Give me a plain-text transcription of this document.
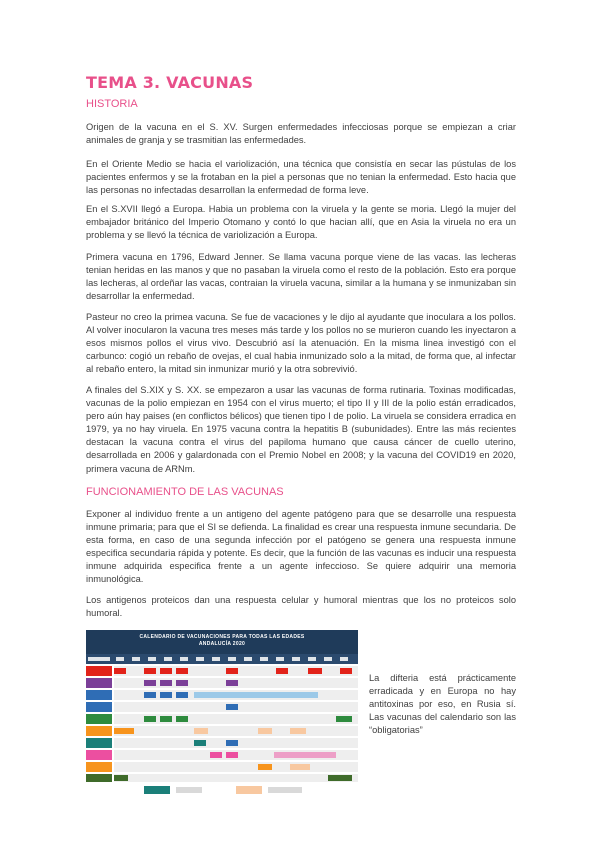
TEMA 3. VACUNAS
HISTORIA

Origen de la vacuna en el S. XV. Surgen enfermedades infecciosas porque se empiezan a criar animales de granja y se trasmitian las enfermedades.

En el Oriente Medio se hacia el variolización, una técnica que consistía en secar las pústulas de los pacientes enfermos y se la frotaban en la piel a personas que no tenian la enfermedad. Esto hacia que las personas no infectadas desarrollan la enfermedad de forma leve.

En el S.XVII llegó a Europa. Habia un problema con la viruela y la gente se moria. Llegó la mujer del embajador británico del Imperio Otomano y contó lo que hacian allí, que en Asia la viruela no era un problema y se llevó la técnica de variolización a Europa.

Primera vacuna en 1796, Edward Jenner. Se llama vacuna porque viene de las vacas. las lecheras tenian heridas en las manos y que no pasaban la viruela como el resto de la población. Esto era porque las lecheras, al ordeñar las vacas, contraian la viruela vacuna, similar a la humana y se inmunizaban sin desarrollar la enfermedad.

Pasteur no creo la primea vacuna. Se fue de vacaciones y le dijo al ayudante que inoculara a los pollos. Al volver inocularon la vacuna tres meses más tarde y los pollos no se murieron cuando les inyectaron a esos mismos pollos el virus vivo. Descubrió así la atenuación. En la misma linea investigó con el carbunco: cogió un rebaño de ovejas, el cual habia inmunizado solo a la mitad, de forma que, al infectar al rebaño entero, la mitad sin inmunizar murió y la otra sobrevivió.

A finales del S.XIX y S. XX. se empezaron a usar las vacunas de forma rutinaria. Toxinas modificadas, vacunas de la polio empiezan en 1954 con el virus muerto; el tipo II y III de la polio están erradicados, pero aún hay paises (en conflictos bélicos) que tienen tipo I de polio. La viruela se considera erradica en 1979, ya no hay viruela. En 1975 vacuna contra la hepatitis B (subunidades). Entre las más recientes destacan la vacuna contra el virus del papiloma humano que causa cáncer de cuello uterino, desarrollada en 2006 y galardonada con el Premio Nobel en 2008; y la vacuna del COVID19 en 2020, primera vacuna de ARNm.

FUNCIONAMIENTO DE LAS VACUNAS

Exponer al individuo frente a un antigeno del agente patógeno para que se desarrolle una respuesta inmune primaria; para que el SI se defienda. La finalidad es crear una respuesta inmune secundaria. De esta forma, en caso de una segunda infección por el patógeno se genera una respuesta inmune especifica secundaria rápida y potente. Es decir, que la función de las vacunas es inducir una respuesta inmune adquirida especifica frente a un agente infeccioso. Se quiere adquirir una memoria inmunológica.

Los antigenos proteicos dan una respuesta celular y humoral mientras que los no proteicos solo humoral.

CALENDARIO DE VACUNACIONES PARA TODAS LAS EDADES
ANDALUCÍA 2020

La difteria está prácticamente erradicada y en Europa no hay antitoxinas por eso, en Rusia sí. Las vacunas del calendario son las “obligatorias”
